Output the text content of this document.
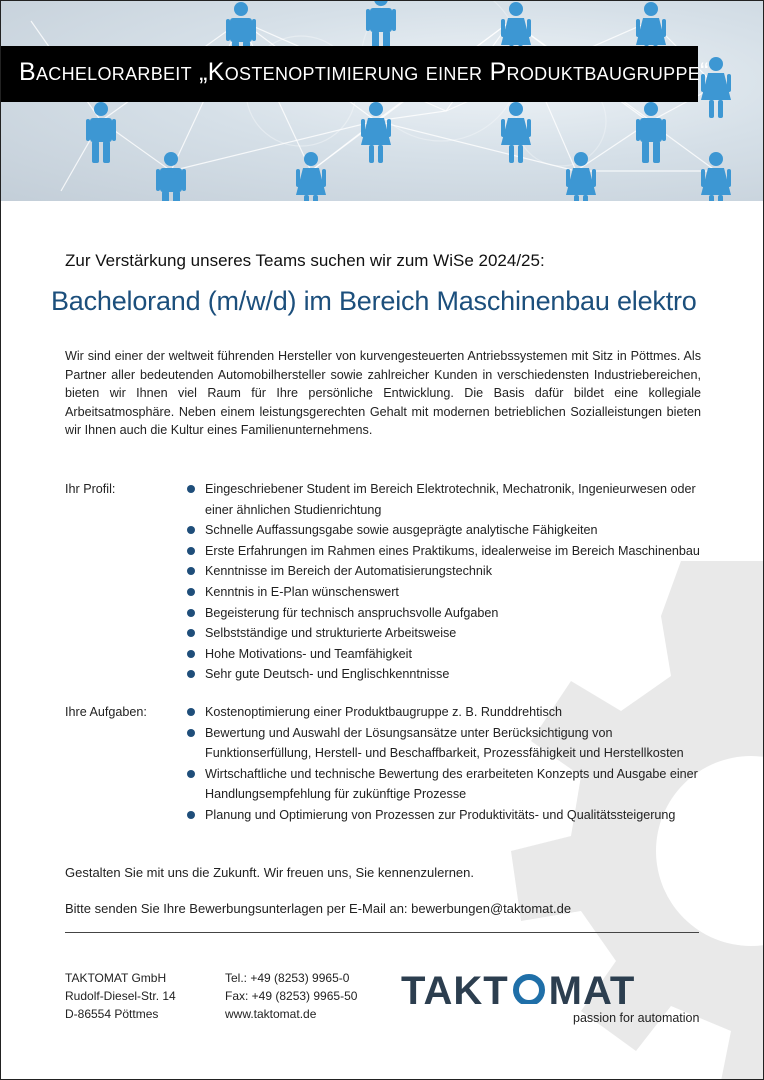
Bachelorarbeit „Kostenoptimierung einer Produktbaugruppe“
Zur Verstärkung unseres Teams suchen wir zum WiSe 2024/25:
Bachelorand (m/w/d) im Bereich Maschinenbau elektro
Wir sind einer der weltweit führenden Hersteller von kurvengesteuerten Antriebssystemen mit Sitz in Pöttmes. Als Partner aller bedeutenden Automobilhersteller sowie zahlreicher Kunden in verschiedensten Industriebereichen, bieten wir Ihnen viel Raum für Ihre persönliche Entwicklung. Die Basis dafür bildet eine kollegiale Arbeitsatmosphäre. Neben einem leistungsgerechten Gehalt mit modernen betrieblichen Sozialleistungen bieten wir Ihnen auch die Kultur eines Familienunternehmens.
Ihr Profil:	Eingeschriebener Student im Bereich Elektrotechnik, Mechatronik, Ingenieurwesen oder einer ähnlichen Studienrichtung
Schnelle Auffassungsgabe sowie ausgeprägte analytische Fähigkeiten
Erste Erfahrungen im Rahmen eines Praktikums, idealerweise im Bereich Maschinenbau
Kenntnisse im Bereich der Automatisierungstechnik
Kenntnis in E-Plan wünschenswert
Begeisterung für technisch anspruchsvolle Aufgaben
Selbstständige und strukturierte Arbeitsweise
Hohe Motivations- und Teamfähigkeit
Sehr gute Deutsch- und Englischkenntnisse
Ihre Aufgaben:	Kostenoptimierung einer Produktbaugruppe z. B. Runddrehtisch
Bewertung und Auswahl der Lösungsansätze unter Berücksichtigung von Funktionserfüllung, Herstell- und Beschaffbarkeit, Prozessfähigkeit und Herstellkosten
Wirtschaftliche und technische Bewertung des erarbeiteten Konzepts und Ausgabe einer Handlungsempfehlung für zukünftige Prozesse
Planung und Optimierung von Prozessen zur Produktivitäts- und Qualitätssteigerung
Gestalten Sie mit uns die Zukunft. Wir freuen uns, Sie kennenzulernen.
Bitte senden Sie Ihre Bewerbungsunterlagen per E-Mail an: bewerbungen@taktomat.de
TAKTOMAT GmbH
Rudolf-Diesel-Str. 14
D-86554 Pöttmes
Tel.: +49 (8253) 9965-0
Fax: +49 (8253) 9965-50
www.taktomat.de
TAKT MAT
passion for automation
